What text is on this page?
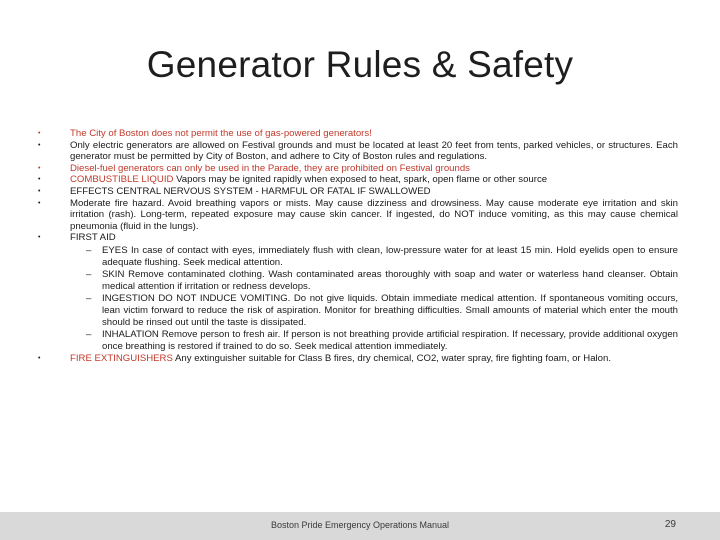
Generator Rules & Safety
•	The City of Boston does not permit the use of gas-powered generators!
•	Only electric generators are allowed on Festival grounds and must be located at least 20 feet from tents, parked vehicles, or structures. Each generator must be permitted by City of Boston, and adhere to City of Boston rules and regulations.
•	Diesel-fuel generators can only be used in the Parade, they are prohibited on Festival grounds
•	COMBUSTIBLE LIQUID Vapors may be ignited rapidly when exposed to heat, spark, open flame or other source
•	EFFECTS CENTRAL NERVOUS SYSTEM - HARMFUL OR FATAL IF SWALLOWED
•	Moderate fire hazard. Avoid breathing vapors or mists. May cause dizziness and drowsiness. May cause moderate eye irritation and skin irritation (rash). Long-term, repeated exposure may cause skin cancer. If ingested, do NOT induce vomiting, as this may cause chemical pneumonia (fluid in the lungs).
•	FIRST AID
– EYES In case of contact with eyes, immediately flush with clean, low-pressure water for at least 15 min. Hold eyelids open to ensure adequate flushing. Seek medical attention.
– SKIN Remove contaminated clothing. Wash contaminated areas thoroughly with soap and water or waterless hand cleanser. Obtain medical attention if irritation or redness develops.
– INGESTION DO NOT INDUCE VOMITING. Do not give liquids. Obtain immediate medical attention. If spontaneous vomiting occurs, lean victim forward to reduce the risk of aspiration. Monitor for breathing difficulties. Small amounts of material which enter the mouth should be rinsed out until the taste is dissipated.
– INHALATION Remove person to fresh air. If person is not breathing provide artificial respiration. If necessary, provide additional oxygen once breathing is restored if trained to do so. Seek medical attention immediately.
•	FIRE EXTINGUISHERS Any extinguisher suitable for Class B fires, dry chemical, CO2, water spray, fire fighting foam, or Halon.
Boston Pride Emergency Operations Manual	29
